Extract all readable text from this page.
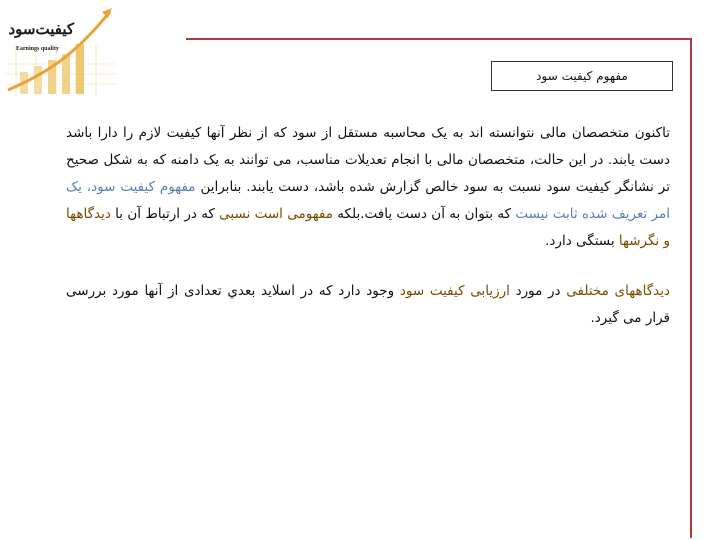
کیفیت‌سود
Earnings quality
مفهوم کیفیت سود
تاکنون متخصصان مالی نتوانسته اند به یک محاسبه مستقل از سود که از نظر آنها کیفیت لازم را دارا باشد دست یابند. در این حالت، متخصصان مالی با انجام تعدیلات مناسب، می توانند به یک دامنه که به شکل صحیح تر نشانگر کیفیت سود نسبت به سود خالص گزارش شده باشد، دست یابند. بنابراین مفهوم کیفیت سود، یک امر تعریف شده ثابت نیست که بتوان به آن دست یافت.بلکه مفهومی است نسبی که در ارتباط آن با دیدگاهها و نگرشها بستگی دارد.
دیدگاههای مختلفی در مورد ارزیابی کیفیت سود وجود دارد که در اسلاید بعدي تعدادی از آنها مورد بررسی قرار می گیرد.
